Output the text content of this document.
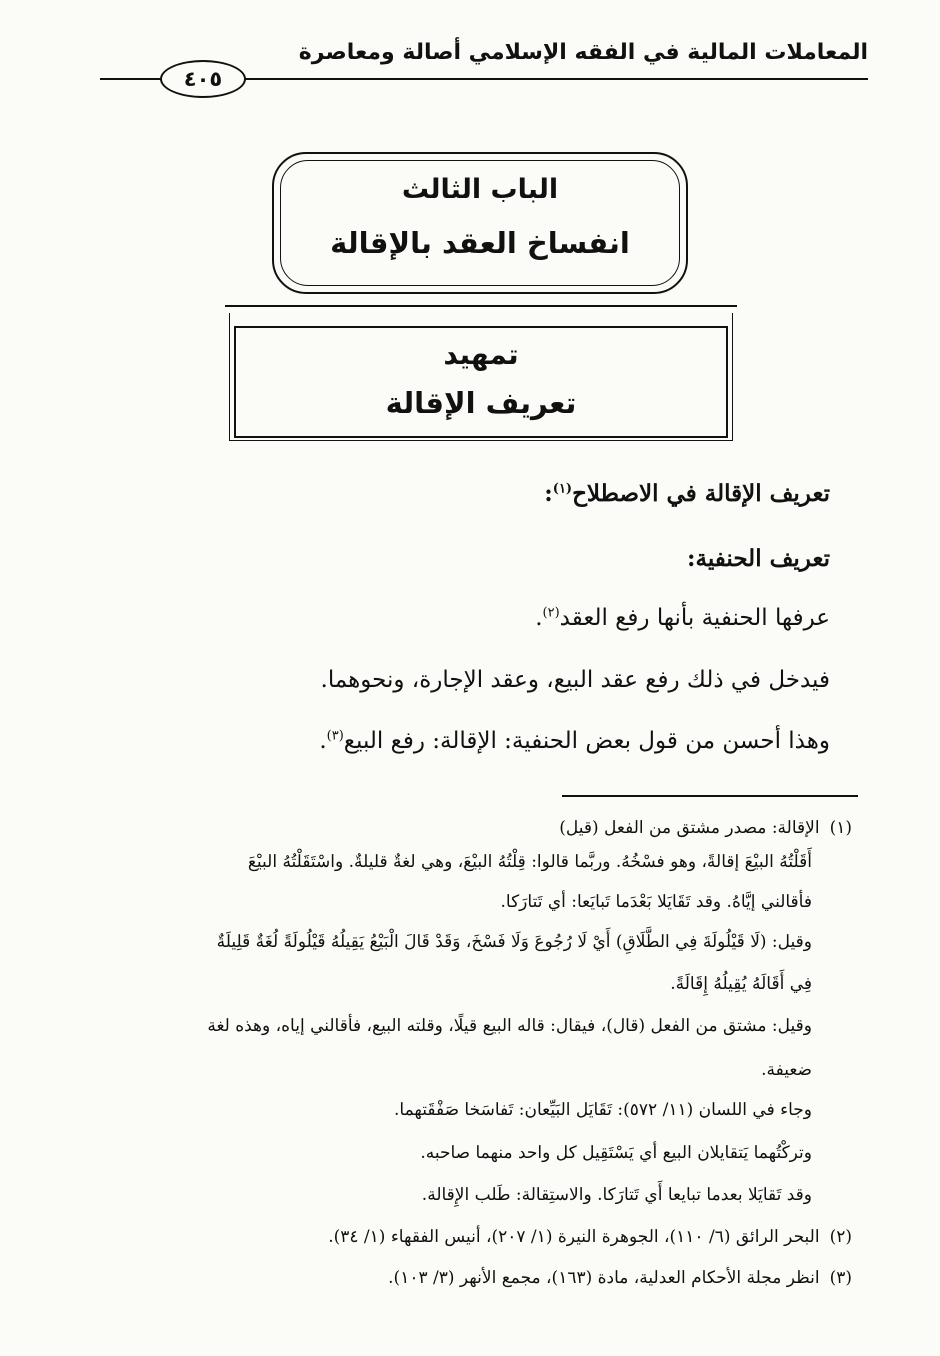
المعاملات المالية في الفقه الإسلامي أصالة ومعاصرة
٤٠٥
الباب الثالث
انفساخ العقد بالإقالة
تمهيد
تعريف الإقالة
تعريف الإقالة في الاصطلاح$^{(١)}$:
تعريف الحنفية:
عرفها الحنفية بأنها رفع العقد$^{(٢)}$.
فيدخل في ذلك رفع عقد البيع، وعقد الإجارة، ونحوهما.
وهذا أحسن من قول بعض الحنفية: الإقالة: رفع البيع$^{(٣)}$.
(١)الإقالة: مصدر مشتق من الفعل (قيل)
أَقَلْتُهُ البيْعَ إقالةً، وهو فسْخُهُ. وربَّما قالوا: قِلْتُهُ البيْعَ، وهي لغةٌ قليلةٌ. واسْتَقَلْتُهُ البيْعَ
فأقالني إيَّاهُ. وقد تَقَايَلا بَعْدَما تَبايَعا: أي تَتارَكا.
وقيل: (لَا قَيْلُولَةَ فِي الطَّلَاقِ) أَيْ لَا رُجُوعَ وَلَا فَسْخَ، وَقَدْ قَالَ الْبَيْعُ يَقِيلُهُ قَيْلُولَةً لُغَةٌ قَلِيلَةٌ
فِي أَقَالَهُ يُقِيلُهُ إِقَالَةً.
وقيل: مشتق من الفعل (قال)، فيقال: قاله البيع قيلًا، وقلته البيع، فأقالني إياه، وهذه لغة
ضعيفة.
وجاء في اللسان (١١/ ٥٧٢): تَقَايَل البَيِّعان: تَفاسَخا صَفْقَتهما.
وتركْتُهما يَتقايلان البيع أي يَسْتَقِيل كل واحد منهما صاحبه.
وقد تَقايَلا بعدما تبايعا أَي تَتارَكا. والاستِقالة: طَلب الإِقالة.
(٢)البحر الرائق (٦/ ١١٠)، الجوهرة النيرة (١/ ٢٠٧)، أنيس الفقهاء (١/ ٣٤).
(٣)انظر مجلة الأحكام العدلية، مادة (١٦٣)، مجمع الأنهر (٣/ ١٠٣).
